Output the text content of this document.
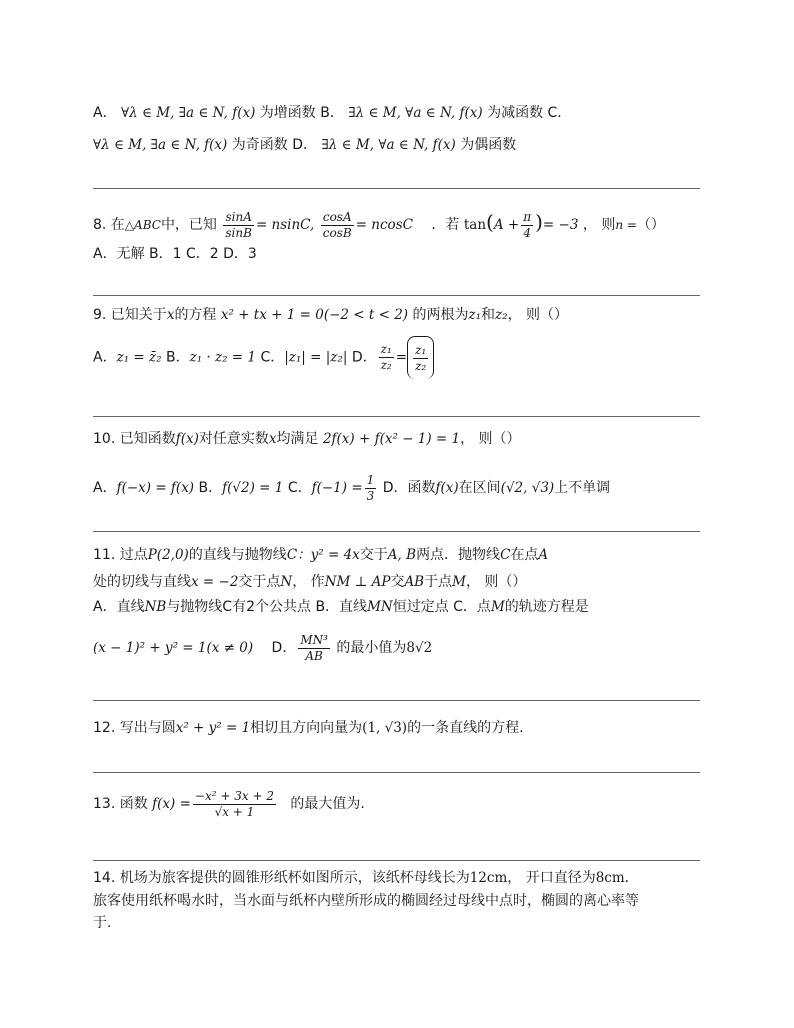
A． ∀λ ∈ M, ∃a ∈ N, f(x) 为增函数 B． ∃λ ∈ M, ∀a ∈ N, f(x) 为减函数 C．
∀λ ∈ M, ∃a ∈ N, f(x) 为奇函数 D． ∃λ ∈ M, ∀a ∈ N, f(x) 为偶函数
8. 在△ABC中，已知 $\frac{\sin A}{\sin B} = nsinC$, $\frac{\cos A}{\cos B} = ncosC$ ．若 $\tan(A + \frac{\pi}{4}$ )= −3 ， 则n =（）
A．无解 B．1 C．2 D．3
9. 已知关于x的方程 x² + tx + 1 = 0(−2 < t < 2) 的两根为z₁和z₂， 则（）
A．z₁ = z̄₂ B．z₁ · z₂ = 1 C．|z₁| = |z₂| D． $\frac{\text{z₁}}{\text{z₂}} = \frac{\text{z₁}}{\text{z₂}}$
10. 已知函数f(x)对任意实数x均满足 2f(x) + f(x² − 1) = 1， 则（）
A．f(−x) = f(x) B．f(√2) = 1 C．$f(-1) = \frac{1}{3}$ D．函数f(x)在区间(√2, √3)上不单调
11. 过点P(2,0)的直线与抛物线C：y² = 4x交于A, B两点．抛物线C在点A
处的切线与直线x = −2交于点N， 作NM ⊥ AP交AB于点M， 则（）
A．直线NB与抛物线C有2个公共点 B．直线MN恒过定点 C．点M的轨迹方程是
(x − 1)² + y² = 1(x ≠ 0) D． $\frac{\text{MN³}}{AB}$ 的最小值为8√2
12. 写出与圆x² + y² = 1相切且方向向量为(1, √3)的一条直线的方程.
13. 函数 $f(x) = \frac{\text{−x² + 3x + 2}}{√x + 1}$ 的最大值为.
14. 机场为旅客提供的圆锥形纸杯如图所示，该纸杯母线长为12cm， 开口直径为8cm．
旅客使用纸杯喝水时，当水面与纸杯内壁所形成的椭圆经过母线中点时，椭圆的离心率等
于.
